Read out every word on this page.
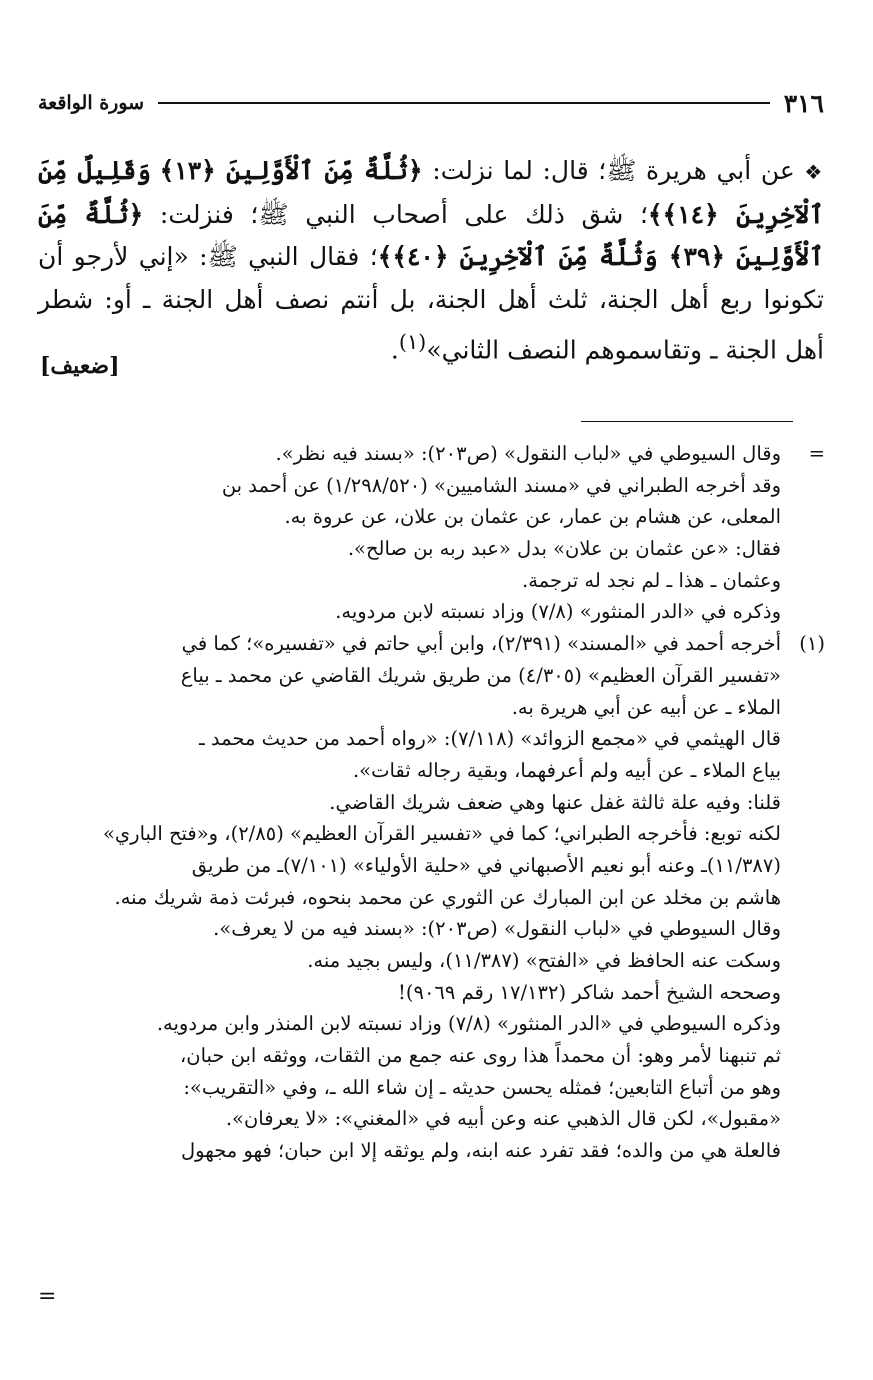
٣١٦
سورة الواقعة
❖ عن أبي هريرة ﷺ؛ قال: لما نزلت: ﴿ثُلَّةٌ مِّنَ ٱلْأَوَّلِينَ ﴿١٣﴾ وَقَلِيلٌ مِّنَ ٱلْآخِرِينَ ﴿١٤﴾﴾؛ شق ذلك على أصحاب النبي ﷺ؛ فنزلت: ﴿ثُلَّةٌ مِّنَ ٱلْأَوَّلِينَ ﴿٣٩﴾ وَثُلَّةٌ مِّنَ ٱلْآخِرِينَ ﴿٤٠﴾﴾؛ فقال النبي ﷺ: «إني لأرجو أن تكونوا ربع أهل الجنة، ثلث أهل الجنة، بل أنتم نصف أهل الجنة ـ أو: شطر أهل الجنة ـ وتقاسموهم النصف الثاني»$^{(١)}$.
[ضعيف]
=
وقال السيوطي في «لباب النقول» (ص٢٠٣): «بسند فيه نظر».
وقد أخرجه الطبراني في «مسند الشاميين» (١/٢٩٨/٥٢٠) عن أحمد بن
المعلى، عن هشام بن عمار، عن عثمان بن علان، عن عروة به.
فقال: «عن عثمان بن علان» بدل «عبد ربه بن صالح».
وعثمان ـ هذا ـ لم نجد له ترجمة.
وذكره في «الدر المنثور» (٧/٨) وزاد نسبته لابن مردويه.
(١)
أخرجه أحمد في «المسند» (٢/٣٩١)، وابن أبي حاتم في «تفسيره»؛ كما في
«تفسير القرآن العظيم» (٤/٣٠٥) من طريق شريك القاضي عن محمد ـ بياع
الملاء ـ عن أبيه عن أبي هريرة به.
قال الهيثمي في «مجمع الزوائد» (٧/١١٨): «رواه أحمد من حديث محمد ـ
بياع الملاء ـ عن أبيه ولم أعرفهما، وبقية رجاله ثقات».
قلنا: وفيه علة ثالثة غفل عنها وهي ضعف شريك القاضي.
لكنه توبع: فأخرجه الطبراني؛ كما في «تفسير القرآن العظيم» (٢/٨٥)، و«فتح الباري»
(١١/٣٨٧)ـ وعنه أبو نعيم الأصبهاني في «حلية الأولياء» (٧/١٠١)ـ من طريق
هاشم بن مخلد عن ابن المبارك عن الثوري عن محمد بنحوه، فبرئت ذمة شريك منه.
وقال السيوطي في «لباب النقول» (ص٢٠٣): «بسند فيه من لا يعرف».
وسكت عنه الحافظ في «الفتح» (١١/٣٨٧)، وليس بجيد منه.
وصححه الشيخ أحمد شاكر (١٧/١٣٢ رقم ٩٠٦٩)!
وذكره السيوطي في «الدر المنثور» (٧/٨) وزاد نسبته لابن المنذر وابن مردويه.
ثم تنبهنا لأمر وهو: أن محمداً هذا روى عنه جمع من الثقات، ووثقه ابن حبان،
وهو من أتباع التابعين؛ فمثله يحسن حديثه ـ إن شاء الله ـ، وفي «التقريب»:
«مقبول»، لكن قال الذهبي عنه وعن أبيه في «المغني»: «لا يعرفان».
فالعلة هي من والده؛ فقد تفرد عنه ابنه، ولم يوثقه إلا ابن حبان؛ فهو مجهول
=
